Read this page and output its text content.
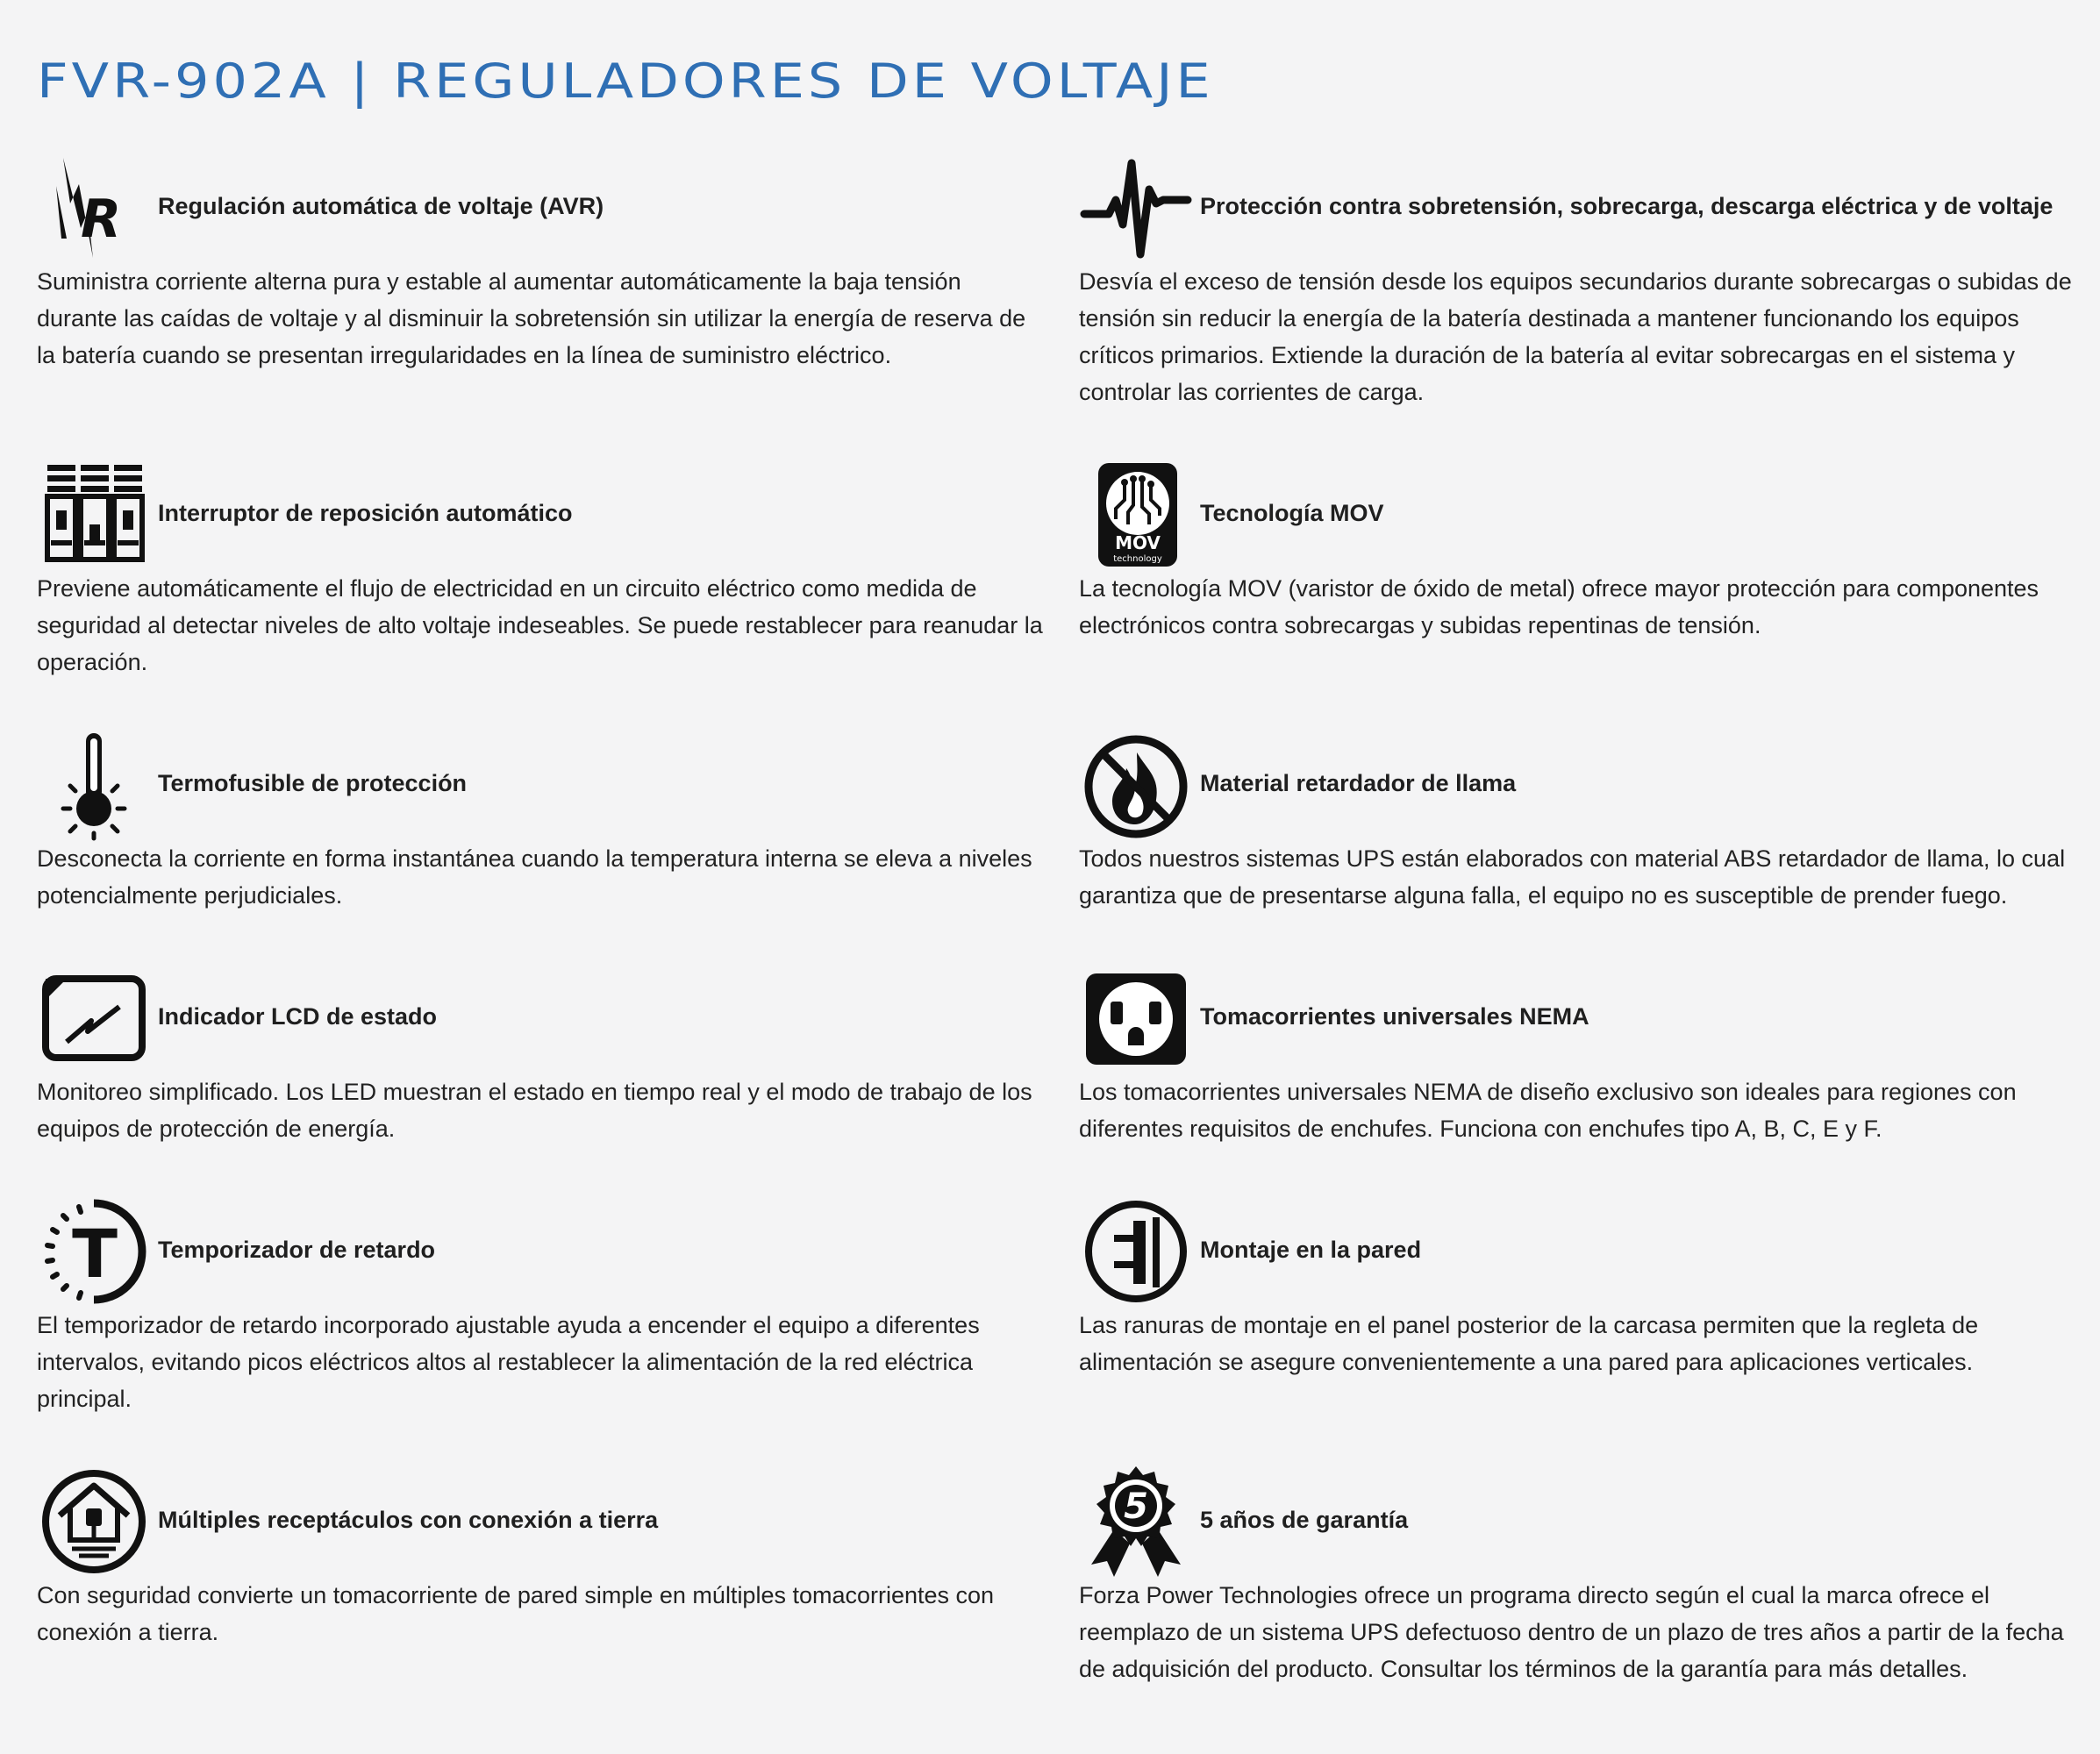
FVR-902A | REGULADORES DE VOLTAJE
R Regulación automática de voltaje (AVR)
Suministra corriente alterna pura y estable al aumentar automáticamente la baja tensión durante las caídas de voltaje y al disminuir la sobretensión sin utilizar la energía de reserva de la batería cuando se presentan irregularidades en la línea de suministro eléctrico.
Protección contra sobretensión, sobrecarga, descarga eléctrica y de voltaje
Desvía el exceso de tensión desde los equipos secundarios durante sobrecargas o subidas de tensión sin reducir la energía de la batería destinada a mantener funcionando los equipos críticos primarios. Extiende la duración de la batería al evitar sobrecargas en el sistema y controlar las corrientes de carga.
Interruptor de reposición automático
Previene automáticamente el flujo de electricidad en un circuito eléctrico como medida de seguridad al detectar niveles de alto voltaje indeseables. Se puede restablecer para reanudar la operación.
MOV
technology
Tecnología MOV
La tecnología MOV (varistor de óxido de metal) ofrece mayor protección para componentes electrónicos contra sobrecargas y subidas repentinas de tensión.
Termofusible de protección
Desconecta la corriente en forma instantánea cuando la temperatura interna se eleva a niveles potencialmente perjudiciales.
Material retardador de llama
Todos nuestros sistemas UPS están elaborados con material ABS retardador de llama, lo cual garantiza que de presentarse alguna falla, el equipo no es susceptible de prender fuego.
Indicador LCD de estado
Monitoreo simplificado. Los LED muestran el estado en tiempo real y el modo de trabajo de los equipos de protección de energía.
Tomacorrientes universales NEMA
Los tomacorrientes universales NEMA de diseño exclusivo son ideales para regiones con diferentes requisitos de enchufes. Funciona con enchufes tipo A, B, C, E y F.
T Temporizador de retardo
El temporizador de retardo incorporado ajustable ayuda a encender el equipo a diferentes intervalos, evitando picos eléctricos altos al restablecer la alimentación de la red eléctrica principal.
Montaje en la pared
Las ranuras de montaje en el panel posterior de la carcasa permiten que la regleta de alimentación se asegure convenientemente a una pared para aplicaciones verticales.
Múltiples receptáculos con conexión a tierra
Con seguridad convierte un tomacorriente de pared simple en múltiples tomacorrientes con conexión a tierra.
5 5 años de garantía
Forza Power Technologies ofrece un programa directo según el cual la marca ofrece el reemplazo de un sistema UPS defectuoso dentro de un plazo de tres años a partir de la fecha de adquisición del producto. Consultar los términos de la garantía para más detalles.
